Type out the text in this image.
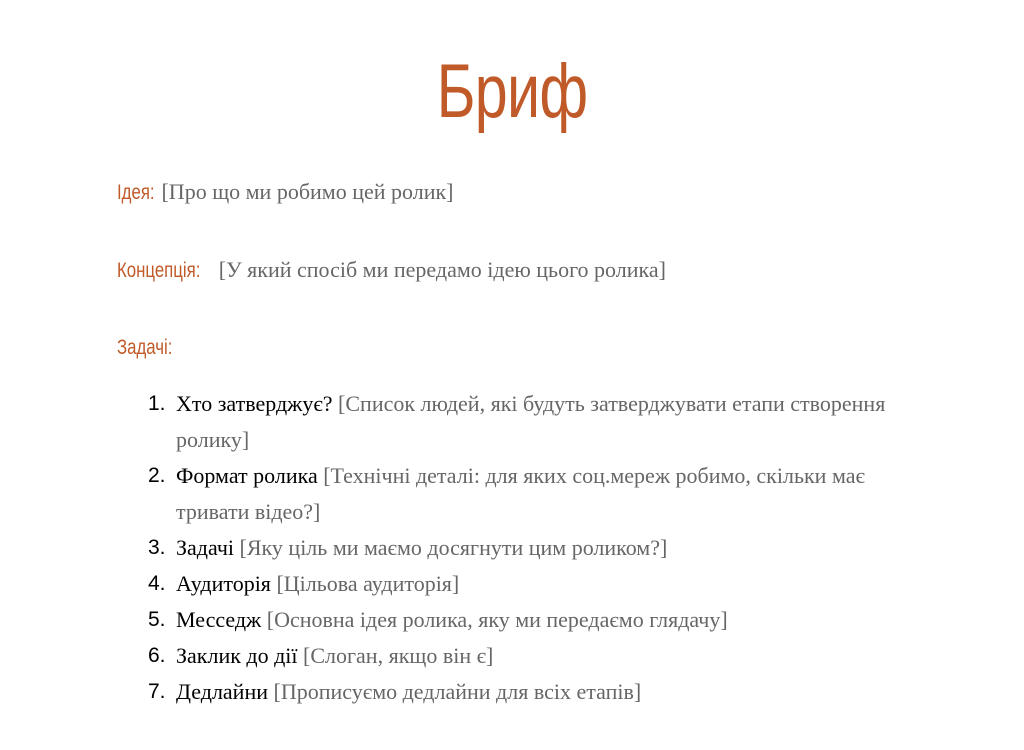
Бриф
Ідея: [Про що ми робимо цей ролик]
Концепція: [У який спосіб ми передамо ідею цього ролика]
Задачі:
1. Хто затверджує? [Список людей, які будуть затверджувати етапи створення ролику]
2. Формат ролика [Технічні деталі: для яких соц.мереж робимо, скільки має тривати відео?]
3. Задачі [Яку ціль ми маємо досягнути цим роликом?]
4. Аудиторія [Цільова аудиторія]
5. Месседж [Основна ідея ролика, яку ми передаємо глядачу]
6. Заклик до дії [Слоган, якщо він є]
7. Дедлайни [Прописуємо дедлайни для всіх етапів]
